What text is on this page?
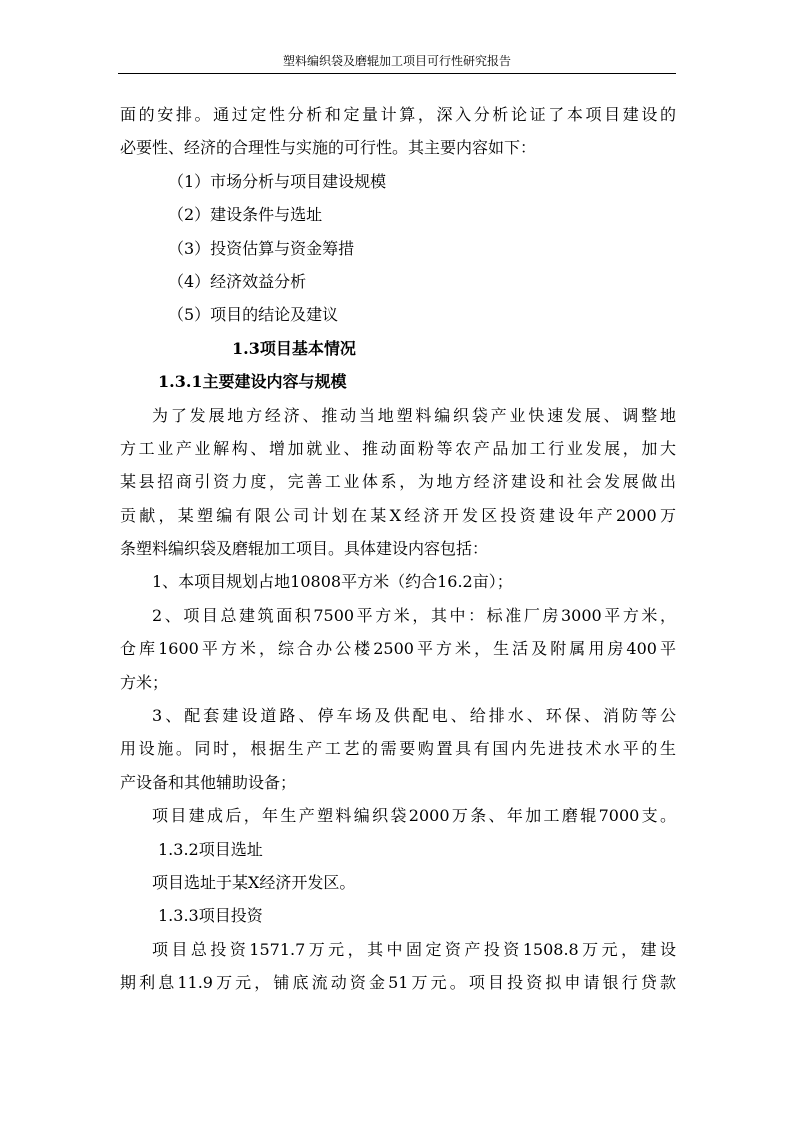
塑料编织袋及磨辊加工项目可行性研究报告
面的安排。通过定性分析和定量计算，深入分析论证了本项目建设的
必要性、经济的合理性与实施的可行性。其主要内容如下：
（1）市场分析与项目建设规模
（2）建设条件与选址
（3）投资估算与资金筹措
（4）经济效益分析
（5）项目的结论及建议
1.3项目基本情况
1.3.1主要建设内容与规模
为了发展地方经济、推动当地塑料编织袋产业快速发展、调整地
方工业产业解构、增加就业、推动面粉等农产品加工行业发展，加大
某县招商引资力度，完善工业体系，为地方经济建设和社会发展做出
贡献，某塑编有限公司计划在某X经济开发区投资建设年产2000万
条塑料编织袋及磨辊加工项目。具体建设内容包括：
1、本项目规划占地10808平方米（约合16.2亩）；
2、项目总建筑面积7500平方米，其中：标准厂房3000平方米，
仓库1600平方米，综合办公楼2500平方米，生活及附属用房400平
方米；
3、配套建设道路、停车场及供配电、给排水、环保、消防等公
用设施。同时，根据生产工艺的需要购置具有国内先进技术水平的生
产设备和其他辅助设备；
项目建成后，年生产塑料编织袋2000万条、年加工磨辊7000支。
1.3.2项目选址
项目选址于某X经济开发区。
1.3.3项目投资
项目总投资1571.7万元，其中固定资产投资1508.8万元，建设
期利息11.9万元，铺底流动资金51万元。项目投资拟申请银行贷款
